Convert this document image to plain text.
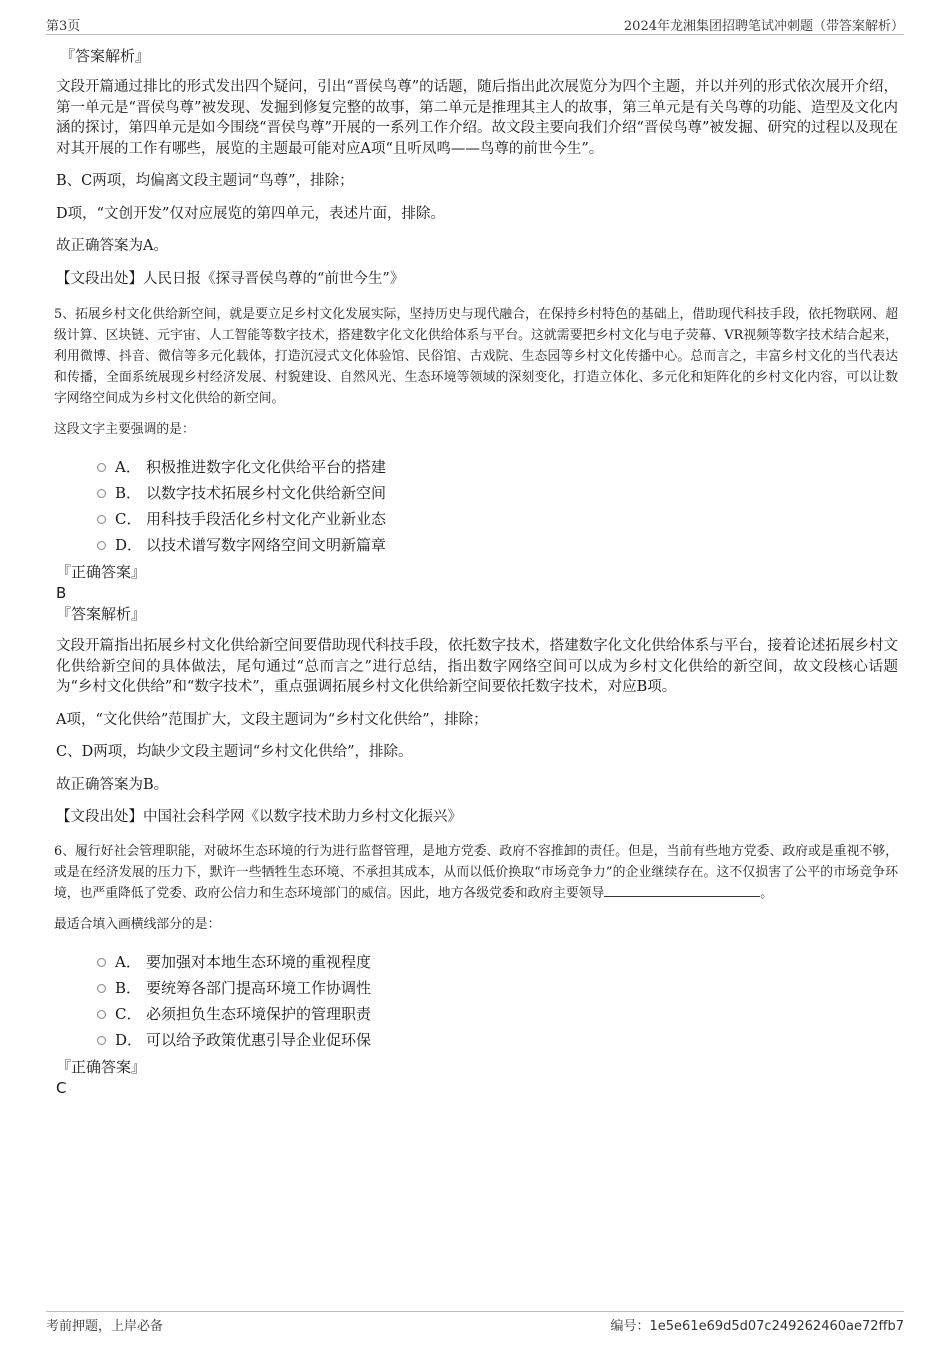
第3页	2024年龙湘集团招聘笔试冲刺题（带答案解析）

『答案解析』

文段开篇通过排比的形式发出四个疑问，引出“晋侯鸟尊”的话题，随后指出此次展览分为四个主题，并以并列的形式依次展开介绍，第一单元是“晋侯鸟尊”被发现、发掘到修复完整的故事，第二单元是推理其主人的故事，第三单元是有关鸟尊的功能、造型及文化内涵的探讨，第四单元是如今围绕“晋侯鸟尊”开展的一系列工作介绍。故文段主要向我们介绍“晋侯鸟尊”被发掘、研究的过程以及现在对其开展的工作有哪些，展览的主题最可能对应A项“且听凤鸣——鸟尊的前世今生”。

B、C两项，均偏离文段主题词“鸟尊”，排除；

D项，“文创开发”仅对应展览的第四单元，表述片面，排除。

故正确答案为A。

【文段出处】人民日报《探寻晋侯鸟尊的“前世今生”》

5、拓展乡村文化供给新空间，就是要立足乡村文化发展实际，坚持历史与现代融合，在保持乡村特色的基础上，借助现代科技手段，依托物联网、超级计算、区块链、元宇宙、人工智能等数字技术，搭建数字化文化供给体系与平台。这就需要把乡村文化与电子荧幕、VR视频等数字技术结合起来，利用微博、抖音、微信等多元化载体，打造沉浸式文化体验馆、民俗馆、古戏院、生态园等乡村文化传播中心。总而言之，丰富乡村文化的当代表达和传播，全面系统展现乡村经济发展、村貌建设、自然风光、生态环境等领域的深刻变化，打造立体化、多元化和矩阵化的乡村文化内容，可以让数字网络空间成为乡村文化供给的新空间。

这段文字主要强调的是：

A． 积极推进数字化文化供给平台的搭建
B． 以数字技术拓展乡村文化供给新空间
C． 用科技手段活化乡村文化产业新业态
D． 以技术谱写数字网络空间文明新篇章

『正确答案』

B

『答案解析』

文段开篇指出拓展乡村文化供给新空间要借助现代科技手段，依托数字技术，搭建数字化文化供给体系与平台，接着论述拓展乡村文化供给新空间的具体做法，尾句通过“总而言之”进行总结，指出数字网络空间可以成为乡村文化供给的新空间，故文段核心话题为“乡村文化供给”和“数字技术”，重点强调拓展乡村文化供给新空间要依托数字技术，对应B项。

A项，“文化供给”范围扩大，文段主题词为“乡村文化供给”，排除；

C、D两项，均缺少文段主题词“乡村文化供给”，排除。

故正确答案为B。

【文段出处】中国社会科学网《以数字技术助力乡村文化振兴》

6、履行好社会管理职能，对破坏生态环境的行为进行监督管理，是地方党委、政府不容推卸的责任。但是，当前有些地方党委、政府或是重视不够，或是在经济发展的压力下，默许一些牺牲生态环境、不承担其成本，从而以低价换取“市场竞争力”的企业继续存在。这不仅损害了公平的市场竞争环境，也严重降低了党委、政府公信力和生态环境部门的威信。因此，地方各级党委和政府主要领导	。

最适合填入画横线部分的是：

A． 要加强对本地生态环境的重视程度
B． 要统筹各部门提高环境工作协调性
C． 必须担负生态环境保护的管理职责
D． 可以给予政策优惠引导企业促环保

『正确答案』

C

考前押题，上岸必备	编号：1e5e61e69d5d07c249262460ae72ffb7
